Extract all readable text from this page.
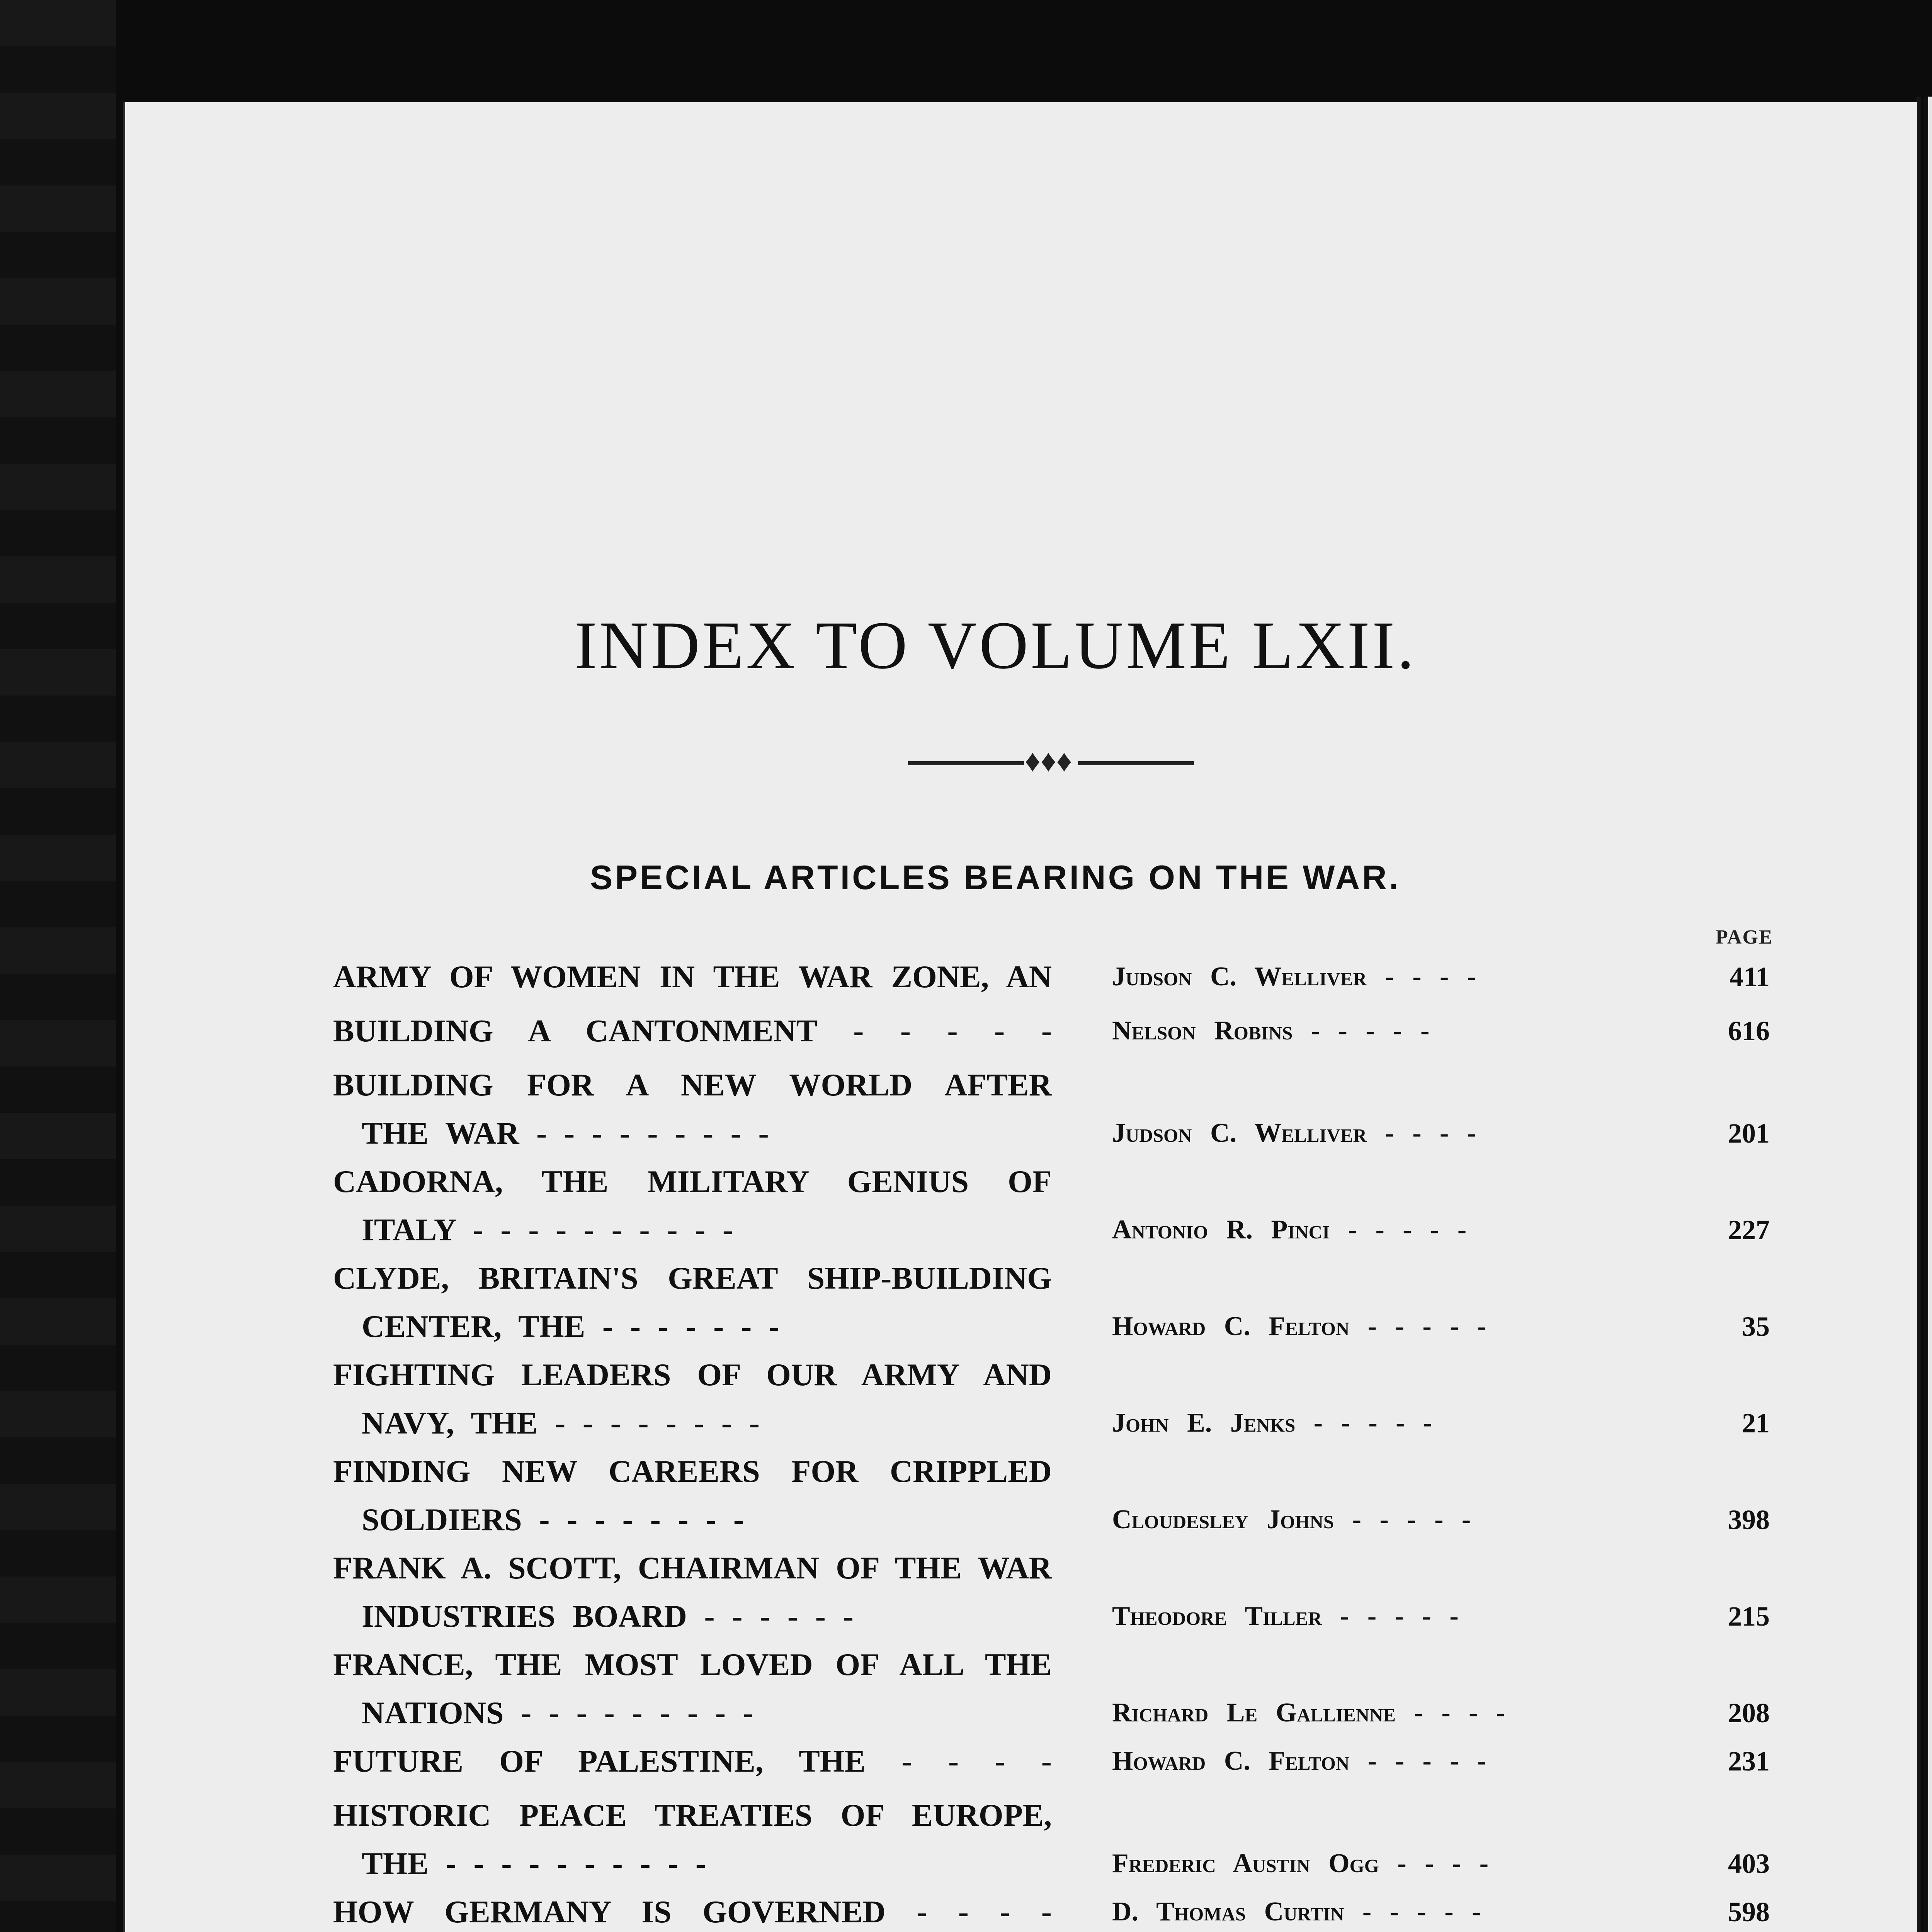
INDEX TO VOLUME LXII.
♦♦♦
SPECIAL ARTICLES BEARING ON THE WAR.
PAGE
ARMY OF WOMEN IN THE WAR ZONE, AN Judson C. Welliver - - - -	411
BUILDING A CANTONMENT - - - - - Nelson Robins - - - - -	616
BUILDING FOR A NEW WORLD AFTER
THE WAR - - - - - - - - -	Judson C. Welliver - - - -	201
CADORNA, THE MILITARY GENIUS OF
ITALY - - - - - - - - - -	Antonio R. Pinci - - - - -	227
CLYDE, BRITAIN'S GREAT SHIP-BUILDING
CENTER, THE - - - - - - -	Howard C. Felton - - - - -	35
FIGHTING LEADERS OF OUR ARMY AND
NAVY, THE - - - - - - - -	John E. Jenks - - - - -	21
FINDING NEW CAREERS FOR CRIPPLED
SOLDIERS - - - - - - - -	Cloudesley Johns - - - - -	398
FRANK A. SCOTT, CHAIRMAN OF THE WAR
INDUSTRIES BOARD - - - - - -	Theodore Tiller - - - - -	215
FRANCE, THE MOST LOVED OF ALL THE
NATIONS - - - - - - - - -	Richard Le Gallienne - - - -	208
FUTURE OF PALESTINE, THE - - - - Howard C. Felton - - - - -	231
HISTORIC PEACE TREATIES OF EUROPE,
THE - - - - - - - - - -	Frederic Austin Ogg - - - -	403
HOW GERMANY IS GOVERNED - - - - D. Thomas Curtin - - - - -	598
